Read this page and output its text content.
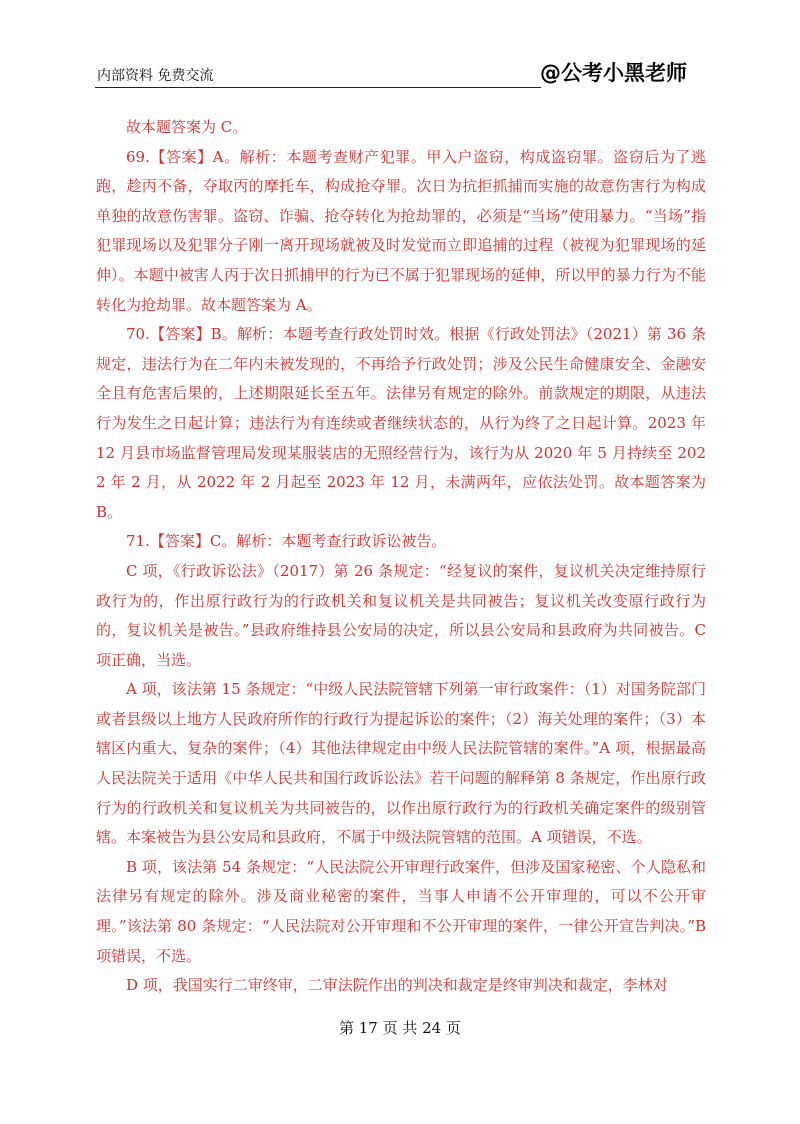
内部资料 免费交流	@公考小黑老师

故本题答案为 C。

69.【答案】A。解析：本题考查财产犯罪。甲入户盗窃，构成盗窃罪。盗窃后为了逃跑，趁丙不备，夺取丙的摩托车，构成抢夺罪。次日为抗拒抓捕而实施的故意伤害行为构成单独的故意伤害罪。盗窃、诈骗、抢夺转化为抢劫罪的，必须是“当场”使用暴力。“当场”指犯罪现场以及犯罪分子刚一离开现场就被及时发觉而立即追捕的过程（被视为犯罪现场的延伸）。本题中被害人丙于次日抓捕甲的行为已不属于犯罪现场的延伸，所以甲的暴力行为不能转化为抢劫罪。故本题答案为 A。

70.【答案】B。解析：本题考查行政处罚时效。根据《行政处罚法》（2021）第 36 条规定，违法行为在二年内未被发现的，不再给予行政处罚；涉及公民生命健康安全、金融安全且有危害后果的，上述期限延长至五年。法律另有规定的除外。前款规定的期限，从违法行为发生之日起计算；违法行为有连续或者继续状态的，从行为终了之日起计算。2023 年 12 月县市场监督管理局发现某服装店的无照经营行为，该行为从 2020 年 5 月持续至 2022 年 2 月，从 2022 年 2 月起至 2023 年 12 月，未满两年，应依法处罚。故本题答案为 B。

71.【答案】C。解析：本题考查行政诉讼被告。

C 项，《行政诉讼法》（2017）第 26 条规定：“经复议的案件，复议机关决定维持原行政行为的，作出原行政行为的行政机关和复议机关是共同被告；复议机关改变原行政行为的，复议机关是被告。”县政府维持县公安局的决定，所以县公安局和县政府为共同被告。C 项正确，当选。

A 项，该法第 15 条规定：“中级人民法院管辖下列第一审行政案件：（1）对国务院部门或者县级以上地方人民政府所作的行政行为提起诉讼的案件；（2）海关处理的案件；（3）本辖区内重大、复杂的案件；（4）其他法律规定由中级人民法院管辖的案件。”A 项，根据最高人民法院关于适用《中华人民共和国行政诉讼法》若干问题的解释第 8 条规定，作出原行政行为的行政机关和复议机关为共同被告的，以作出原行政行为的行政机关确定案件的级别管辖。本案被告为县公安局和县政府，不属于中级法院管辖的范围。A 项错误，不选。

B 项，该法第 54 条规定：“人民法院公开审理行政案件，但涉及国家秘密、个人隐私和法律另有规定的除外。涉及商业秘密的案件，当事人申请不公开审理的，可以不公开审理。”该法第 80 条规定：“人民法院对公开审理和不公开审理的案件，一律公开宣告判决。”B 项错误，不选。

D 项，我国实行二审终审，二审法院作出的判决和裁定是终审判决和裁定，李林对

第 17 页 共 24 页
